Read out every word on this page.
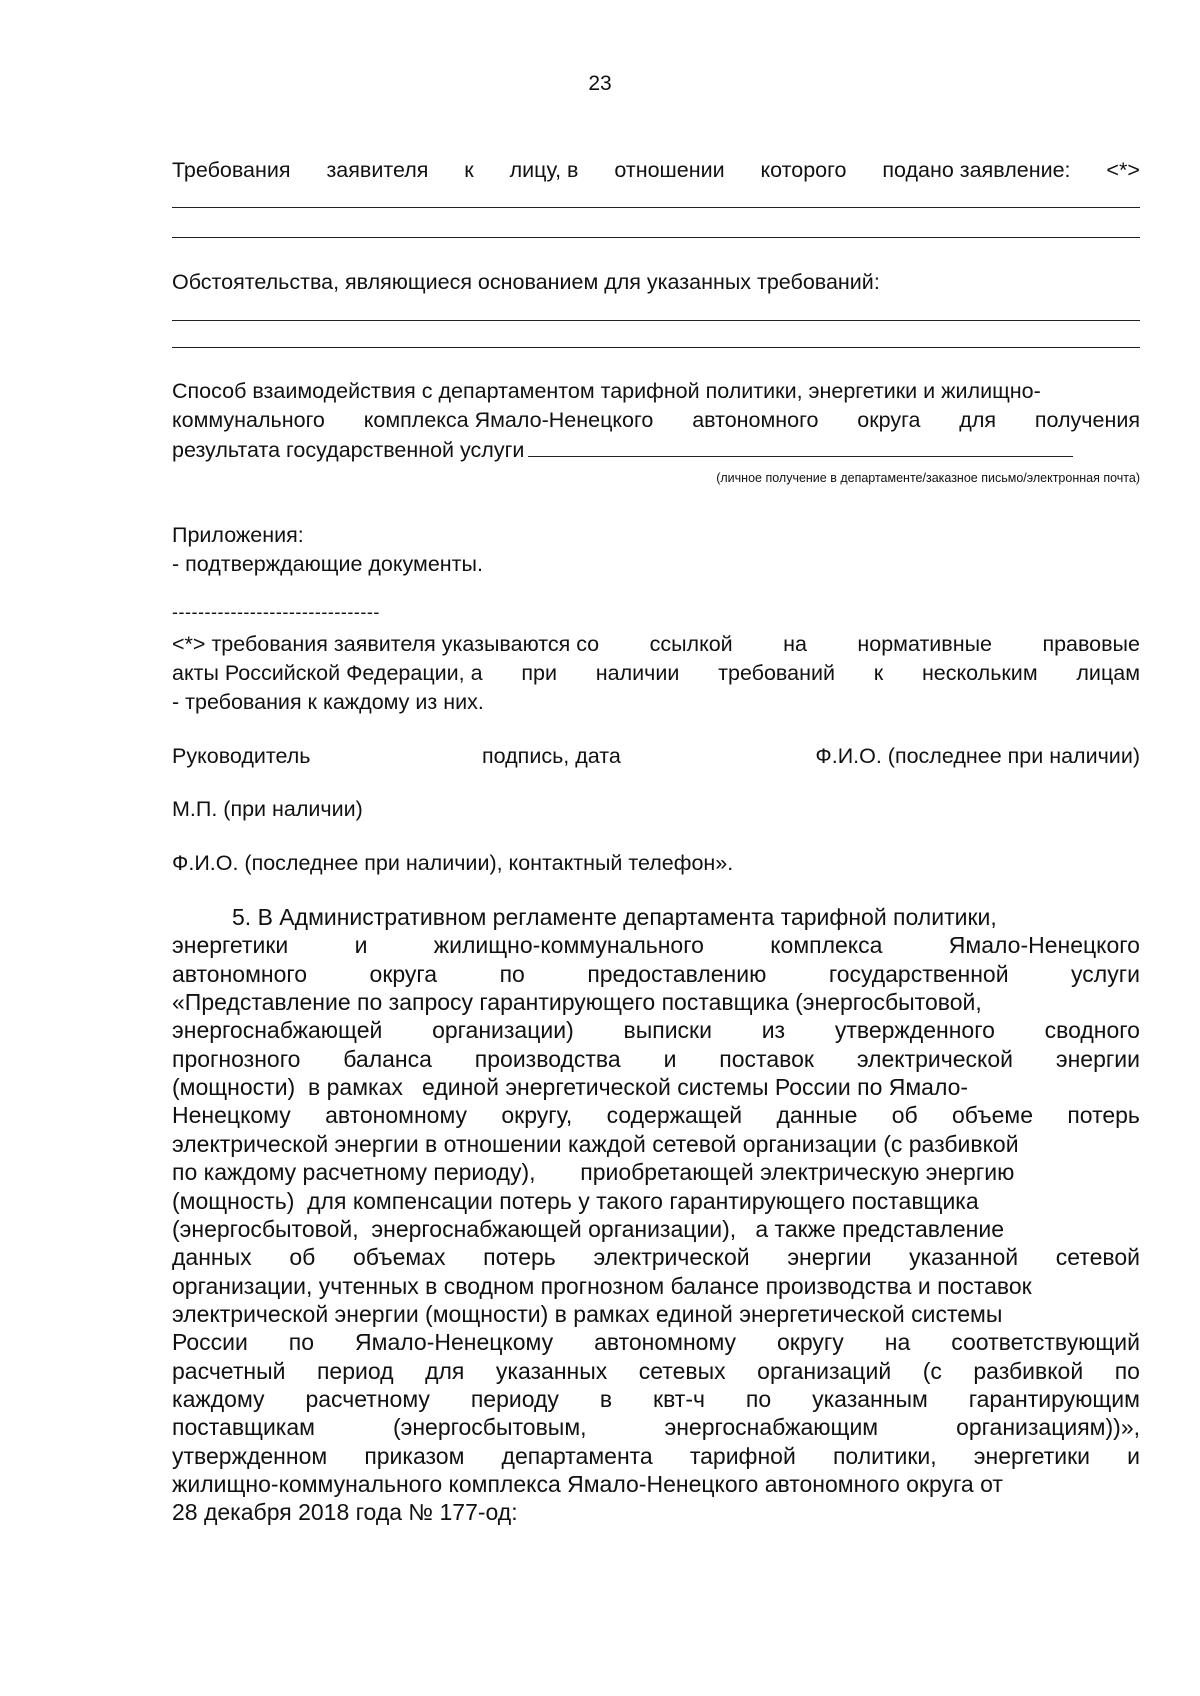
23
Требования заявителя к лицу, в отношении которого подано заявление: <*>
Обстоятельства, являющиеся основанием для указанных требований:
Способ взаимодействия с департаментом тарифной политики, энергетики и жилищно-
коммунального комплекса Ямало-Ненецкого автономного округа для получения
результата государственной услуги
(личное получение в департаменте/заказное письмо/электронная почта)
Приложения:
- подтверждающие документы.
--------------------------------
<*> требования заявителя указываются со ссылкой на нормативные правовые
акты Российской Федерации, а при наличии требований к нескольким лицам
- требования к каждому из них.
Руководитель	подпись, дата	Ф.И.О. (последнее при наличии)
М.П. (при наличии)
Ф.И.О. (последнее при наличии), контактный телефон».
5. В Административном регламенте департамента тарифной политики,
энергетики	и	жилищно-коммунального	комплекса	Ямало-Ненецкого
автономного	округа	по	предоставлению	государственной	услуги
«Представление по запросу гарантирующего поставщика (энергосбытовой,
энергоснабжающей организации) выписки из утвержденного сводного
прогнозного баланса производства и поставок электрической энергии
(мощности)  в рамках   единой энергетической системы России по Ямало-
Ненецкому автономному округу, содержащей данные об объеме потерь
электрической энергии в отношении каждой сетевой организации (с разбивкой
по каждому расчетному периоду),       приобретающей электрическую энергию
(мощность)  для компенсации потерь у такого гарантирующего поставщика
(энергосбытовой,  энергоснабжающей организации),   а также представление
данных об объемах потерь электрической энергии указанной сетевой
организации, учтенных в сводном прогнозном балансе производства и поставок
электрической энергии (мощности) в рамках единой энергетической системы
России по Ямало-Ненецкому автономному округу на соответствующий
расчетный период для указанных сетевых организаций (с разбивкой по
каждому расчетному периоду в квт-ч по указанным гарантирующим
поставщикам	(энергосбытовым,	энергоснабжающим	организациям))»,
утвержденном приказом департамента тарифной политики, энергетики и
жилищно-коммунального комплекса Ямало-Ненецкого автономного округа от
28 декабря 2018 года № 177-од:
